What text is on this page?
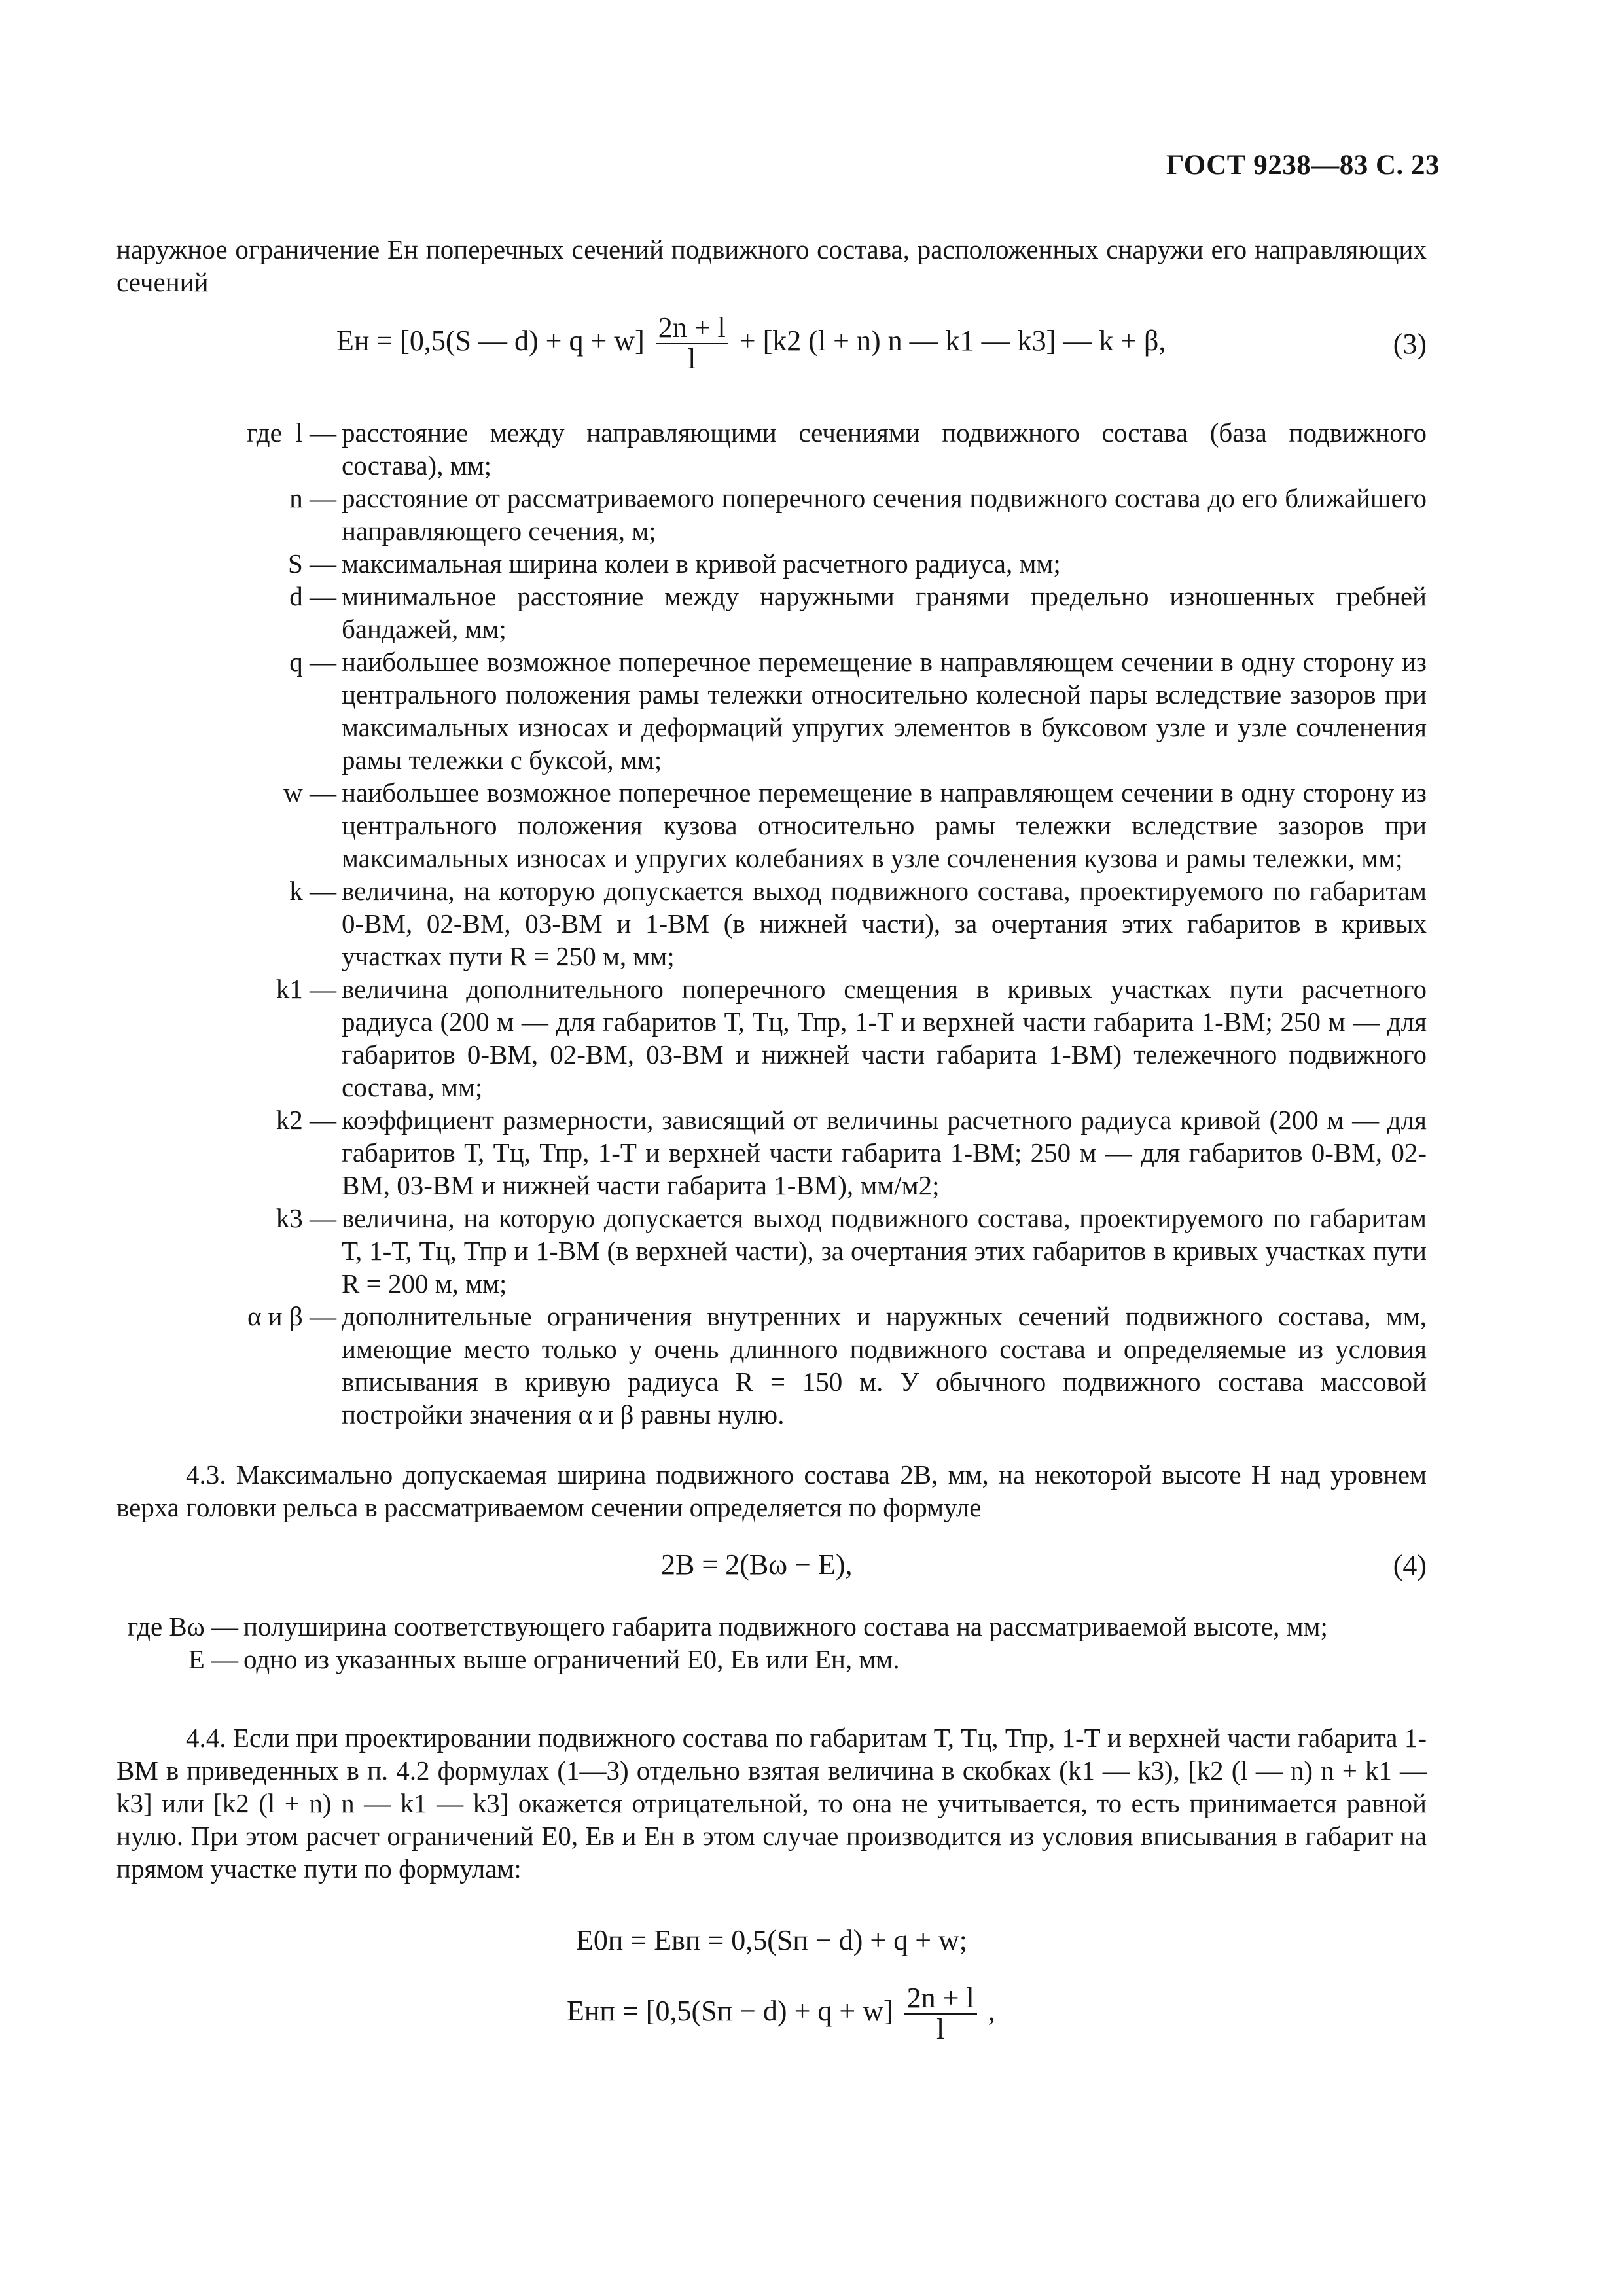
ГОСТ 9238—83 С. 23
наружное ограничение Eн поперечных сечений подвижного состава, расположенных снаружи его направляющих сечений
Eн = [0,5(S — $d) + q + w] \frac{2n + l}{l} + [k2$ (l + n) n — k1 — k3] — k + β,	(3)
где  l — расстояние между направляющими сечениями подвижного состава (база подвижного состава), мм;
n — расстояние от рассматриваемого поперечного сечения подвижного состава до его ближайшего направляющего сечения, м;
S — максимальная ширина колеи в кривой расчетного радиуса, мм;
d — минимальное расстояние между наружными гранями предельно изношенных гребней бандажей, мм;
q — наибольшее возможное поперечное перемещение в направляющем сечении в одну сторону из центрального положения рамы тележки относительно колесной пары вследствие зазоров при максимальных износах и деформаций упругих элементов в буксовом узле и узле сочленения рамы тележки с буксой, мм;
w — наибольшее возможное поперечное перемещение в направляющем сечении в одну сторону из центрального положения кузова относительно рамы тележки вследствие зазоров при максимальных износах и упругих колебаниях в узле сочленения кузова и рамы тележки, мм;
k — величина, на которую допускается выход подвижного состава, проектируемого по габаритам 0-ВМ, 02-ВМ, 03-ВМ и 1-ВМ (в нижней части), за очертания этих габаритов в кривых участках пути R = 250 м, мм;
k1 — величина дополнительного поперечного смещения в кривых участках пути расчетного радиуса (200 м — для габаритов Т, Тц, Тпр, 1-Т и верхней части габарита 1-ВМ; 250 м — для габаритов 0-ВМ, 02-ВМ, 03-ВМ и нижней части габарита 1-ВМ) тележечного подвижного состава, мм;
k2 — коэффициент размерности, зависящий от величины расчетного радиуса кривой (200 м — для габаритов Т, Тц, Тпр, 1-Т и верхней части габарита 1-ВМ; 250 м — для габаритов 0-ВМ, 02-ВМ, 03-ВМ и нижней части габарита 1-ВМ), мм/м2;
k3 — величина, на которую допускается выход подвижного состава, проектируемого по габаритам Т, 1-Т, Тц, Тпр и 1-ВМ (в верхней части), за очертания этих габаритов в кривых участках пути R = 200 м, мм;
α и β — дополнительные ограничения внутренних и наружных сечений подвижного состава, мм, имеющие место только у очень длинного подвижного состава и определяемые из условия вписывания в кривую радиуса R = 150 м. У обычного подвижного состава массовой постройки значения α и β равны нулю.
4.3. Максимально допускаемая ширина подвижного состава 2B, мм, на некоторой высоте H над уровнем верха головки рельса в рассматриваемом сечении определяется по формуле
2B = 2(Bω − E),	(4)
где Bω — полуширина соответствующего габарита подвижного состава на рассматриваемой высоте, мм;
E — одно из указанных выше ограничений E0, Eв или Eн, мм.
4.4. Если при проектировании подвижного состава по габаритам Т, Тц, Тпр, 1-Т и верхней части габарита 1-ВМ в приведенных в п. 4.2 формулах (1—3) отдельно взятая величина в скобках (k1 — k3), [k2 (l — n) n + k1 — k3] или [k2 (l + n) n — k1 — k3] окажется отрицательной, то она не учитывается, то есть принимается равной нулю. При этом расчет ограничений E0, Eв и Eн в этом случае производится из условия вписывания в габарит на прямом участке пути по формулам:
E0п = Eвп = 0,5(Sп − d) + q + w;
Eнп = $[0,5(Sп - d) + q + w] \frac{2n + l}{l}$ ,
